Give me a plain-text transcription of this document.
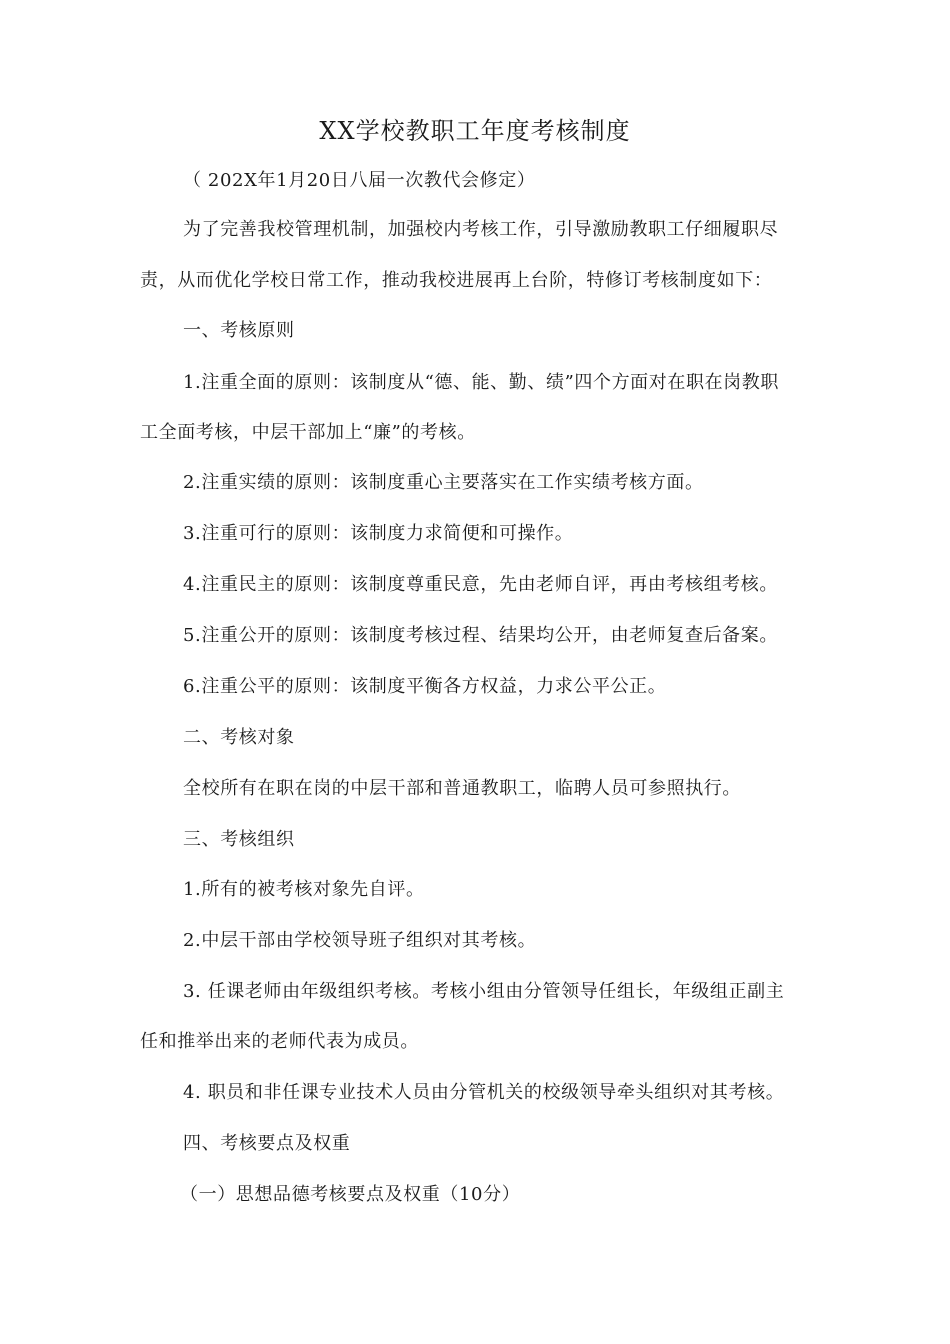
XX学校教职工年度考核制度
（ 202X年1月20日八届一次教代会修定）
为了完善我校管理机制，加强校内考核工作，引导激励教职工仔细履职尽
责，从而优化学校日常工作，推动我校进展再上台阶，特修订考核制度如下：
一、考核原则
1.注重全面的原则：该制度从“德、能、勤、绩”四个方面对在职在岗教职
工全面考核，中层干部加上“廉”的考核。
2.注重实绩的原则：该制度重心主要落实在工作实绩考核方面。
3.注重可行的原则：该制度力求简便和可操作。
4.注重民主的原则：该制度尊重民意，先由老师自评，再由考核组考核。
5.注重公开的原则：该制度考核过程、结果均公开，由老师复查后备案。
6.注重公平的原则：该制度平衡各方权益，力求公平公正。
二、考核对象
全校所有在职在岗的中层干部和普通教职工，临聘人员可参照执行。
三、考核组织
1.所有的被考核对象先自评。
2.中层干部由学校领导班子组织对其考核。
3. 任课老师由年级组织考核。考核小组由分管领导任组长，年级组正副主
任和推举出来的老师代表为成员。
4. 职员和非任课专业技术人员由分管机关的校级领导牵头组织对其考核。
四、考核要点及权重
（一）思想品德考核要点及权重（10分）
